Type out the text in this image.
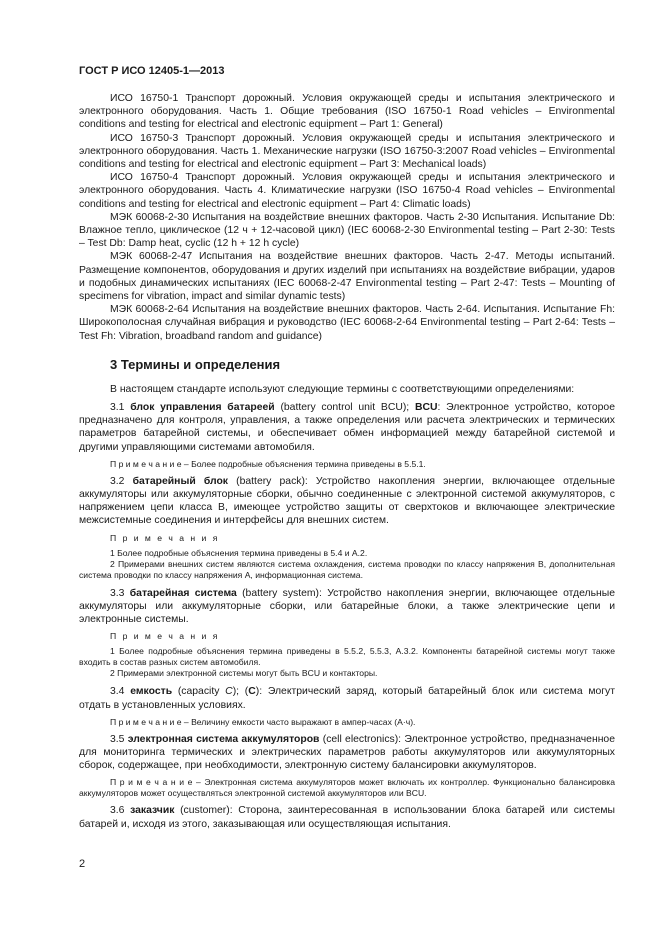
ГОСТ Р ИСО 12405-1—2013

ИСО 16750-1 Транспорт дорожный. Условия окружающей среды и испытания электрического и электронного оборудования. Часть 1. Общие требования (ISO 16750-1 Road vehicles – Environmental conditions and testing for electrical and electronic equipment – Part 1: General)

ИСО 16750-3 Транспорт дорожный. Условия окружающей среды и испытания электрического и электронного оборудования. Часть 1. Механические нагрузки (ISO 16750-3:2007 Road vehicles – Environmental conditions and testing for electrical and electronic equipment – Part 3: Mechanical loads)

ИСО 16750-4 Транспорт дорожный. Условия окружающей среды и испытания электрического и электронного оборудования. Часть 4. Климатические нагрузки (ISO 16750-4 Road vehicles – Environmental conditions and testing for electrical and electronic equipment – Part 4: Climatic loads)

МЭК 60068-2-30 Испытания на воздействие внешних факторов. Часть 2-30 Испытания. Испытание Db: Влажное тепло, циклическое (12 ч + 12-часовой цикл) (IEC 60068-2-30 Environmental testing – Part 2-30: Tests – Test Db: Damp heat, cyclic (12 h + 12 h cycle)

МЭК 60068-2-47 Испытания на воздействие внешних факторов. Часть 2-47. Методы испытаний. Размещение компонентов, оборудования и других изделий при испытаниях на воздействие вибрации, ударов и подобных динамических испытаниях (IEC 60068-2-47 Environmental testing – Part 2-47: Tests – Mounting of specimens for vibration, impact and similar dynamic tests)

МЭК 60068-2-64 Испытания на воздействие внешних факторов. Часть 2-64. Испытания. Испытание Fh: Широкополосная случайная вибрация и руководство (IEC 60068-2-64 Environmental testing – Part 2-64: Tests – Test Fh: Vibration, broadband random and guidance)

3 Термины и определения

В настоящем стандарте используют следующие термины с соответствующими определениями:

3.1 блок управления батареей (battery control unit BCU); BCU: Электронное устройство, которое предназначено для контроля, управления, а также определения или расчета электрических и термических параметров батарейной системы, и обеспечивает обмен информацией между батарейной системой и другими управляющими системами автомобиля.

П р и м е ч а н и е – Более подробные объяснения термина приведены в 5.5.1.

3.2 батарейный блок (battery pack): Устройство накопления энергии, включающее отдельные аккумуляторы или аккумуляторные сборки, обычно соединенные с электронной системой аккумуляторов, с напряжением цепи класса В, имеющее устройство защиты от сверхтоков и включающее электрические межсистемные соединения и интерфейсы для внешних систем.

П р и м е ч а н и я

1 Более подробные объяснения термина приведены в 5.4 и А.2.

2 Примерами внешних систем являются система охлаждения, система проводки по классу напряжения В, дополнительная система проводки по классу напряжения А, информационная система.

3.3 батарейная система (battery system): Устройство накопления энергии, включающее отдельные аккумуляторы или аккумуляторные сборки, или батарейные блоки, а также электрические цепи и электронные системы.

П р и м е ч а н и я

1 Более подробные объяснения термина приведены в 5.5.2, 5.5.3, А.3.2. Компоненты батарейной системы могут также входить в состав разных систем автомобиля.

2 Примерами электронной системы могут быть BCU и контакторы.

3.4 емкость (capacity C); (C): Электрический заряд, который батарейный блок или система могут отдать в установленных условиях.

П р и м е ч а н и е – Величину емкости часто выражают в ампер-часах (А·ч).

3.5 электронная система аккумуляторов (cell electronics): Электронное устройство, предназначенное для мониторинга термических и электрических параметров работы аккумуляторов или аккумуляторных сборок, содержащее, при необходимости, электронную систему балансировки аккумуляторов.

П р и м е ч а н и е – Электронная система аккумуляторов может включать их контроллер. Функционально балансировка аккумуляторов может осуществляться электронной системой аккумуляторов или BCU.

3.6 заказчик (customer): Сторона, заинтересованная в использовании блока батарей или системы батарей и, исходя из этого, заказывающая или осуществляющая испытания.

2
